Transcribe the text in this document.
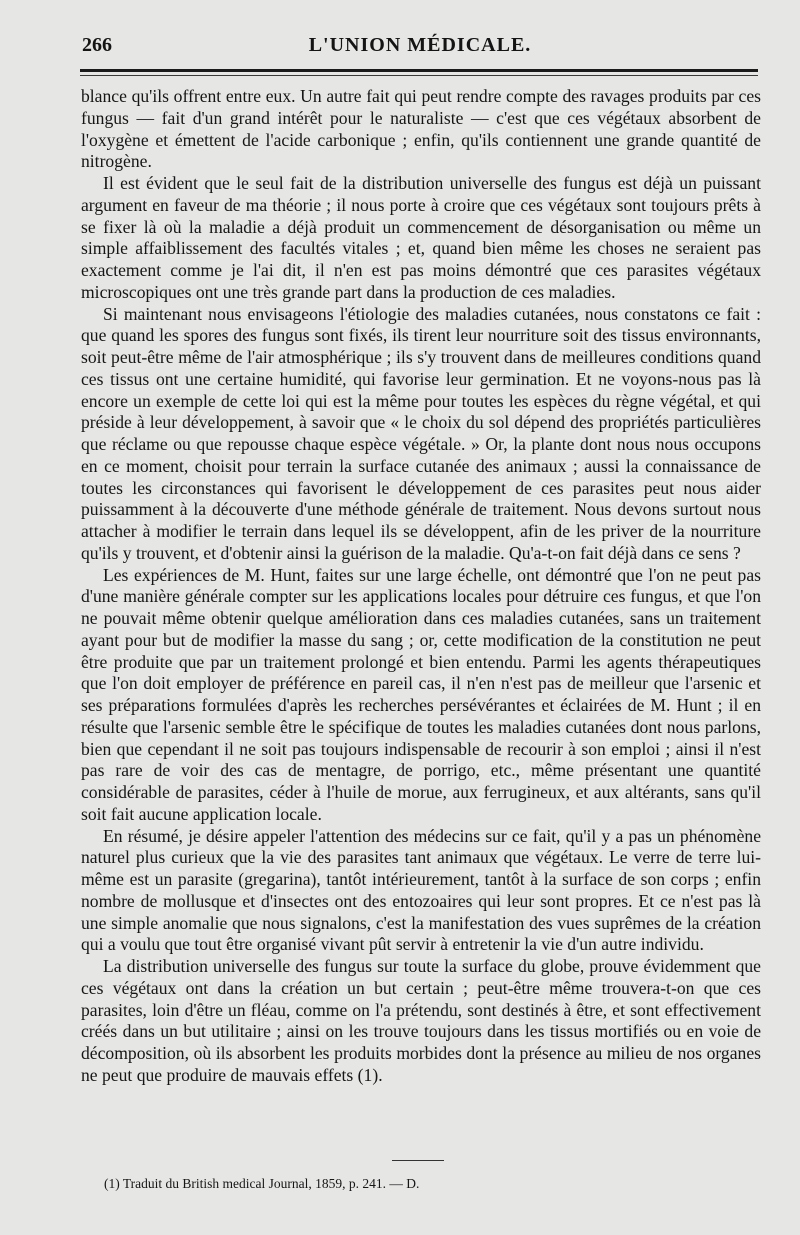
266	L'UNION MÉDICALE.

blance qu'ils offrent entre eux. Un autre fait qui peut rendre compte des ravages produits par ces fungus — fait d'un grand intérêt pour le naturaliste — c'est que ces végétaux absorbent de l'oxygène et émettent de l'acide carbonique ; enfin, qu'ils contiennent une grande quantité de nitrogène.

Il est évident que le seul fait de la distribution universelle des fungus est déjà un puissant argument en faveur de ma théorie ; il nous porte à croire que ces végétaux sont toujours prêts à se fixer là où la maladie a déjà produit un commencement de désorganisation ou même un simple affaiblissement des facultés vitales ; et, quand bien même les choses ne seraient pas exactement comme je l'ai dit, il n'en est pas moins démontré que ces parasites végétaux microscopiques ont une très grande part dans la production de ces maladies.

Si maintenant nous envisageons l'étiologie des maladies cutanées, nous constatons ce fait : que quand les spores des fungus sont fixés, ils tirent leur nourriture soit des tissus environnants, soit peut-être même de l'air atmosphérique ; ils s'y trouvent dans de meilleures conditions quand ces tissus ont une certaine humidité, qui favorise leur germination. Et ne voyons-nous pas là encore un exemple de cette loi qui est la même pour toutes les espèces du règne végétal, et qui préside à leur développement, à savoir que « le choix du sol dépend des propriétés particulières que réclame ou que repousse chaque espèce végétale. » Or, la plante dont nous nous occupons en ce moment, choisit pour terrain la surface cutanée des animaux ; aussi la connaissance de toutes les circonstances qui favorisent le développement de ces parasites peut nous aider puissamment à la découverte d'une méthode générale de traitement. Nous devons surtout nous attacher à modifier le terrain dans lequel ils se développent, afin de les priver de la nourriture qu'ils y trouvent, et d'obtenir ainsi la guérison de la maladie. Qu'a-t-on fait déjà dans ce sens ?

Les expériences de M. Hunt, faites sur une large échelle, ont démontré que l'on ne peut pas d'une manière générale compter sur les applications locales pour détruire ces fungus, et que l'on ne pouvait même obtenir quelque amélioration dans ces maladies cutanées, sans un traitement ayant pour but de modifier la masse du sang ; or, cette modification de la constitution ne peut être produite que par un traitement prolongé et bien entendu. Parmi les agents thérapeutiques que l'on doit employer de préférence en pareil cas, il n'en n'est pas de meilleur que l'arsenic et ses préparations formulées d'après les recherches persévérantes et éclairées de M. Hunt ; il en résulte que l'arsenic semble être le spécifique de toutes les maladies cutanées dont nous parlons, bien que cependant il ne soit pas toujours indispensable de recourir à son emploi ; ainsi il n'est pas rare de voir des cas de mentagre, de porrigo, etc., même présentant une quantité considérable de parasites, céder à l'huile de morue, aux ferrugineux, et aux altérants, sans qu'il soit fait aucune application locale.

En résumé, je désire appeler l'attention des médecins sur ce fait, qu'il y a pas un phénomène naturel plus curieux que la vie des parasites tant animaux que végétaux. Le verre de terre lui-même est un parasite (gregarina), tantôt intérieurement, tantôt à la surface de son corps ; enfin nombre de mollusque et d'insectes ont des entozoaires qui leur sont propres. Et ce n'est pas là une simple anomalie que nous signalons, c'est la manifestation des vues suprêmes de la création qui a voulu que tout être organisé vivant pût servir à entretenir la vie d'un autre individu.

La distribution universelle des fungus sur toute la surface du globe, prouve évidemment que ces végétaux ont dans la création un but certain ; peut-être même trouvera-t-on que ces parasites, loin d'être un fléau, comme on l'a prétendu, sont destinés à être, et sont effectivement créés dans un but utilitaire ; ainsi on les trouve toujours dans les tissus mortifiés ou en voie de décomposition, où ils absorbent les produits morbides dont la présence au milieu de nos organes ne peut que produire de mauvais effets (1).

(1) Traduit du British medical Journal, 1859, p. 241. — D.
